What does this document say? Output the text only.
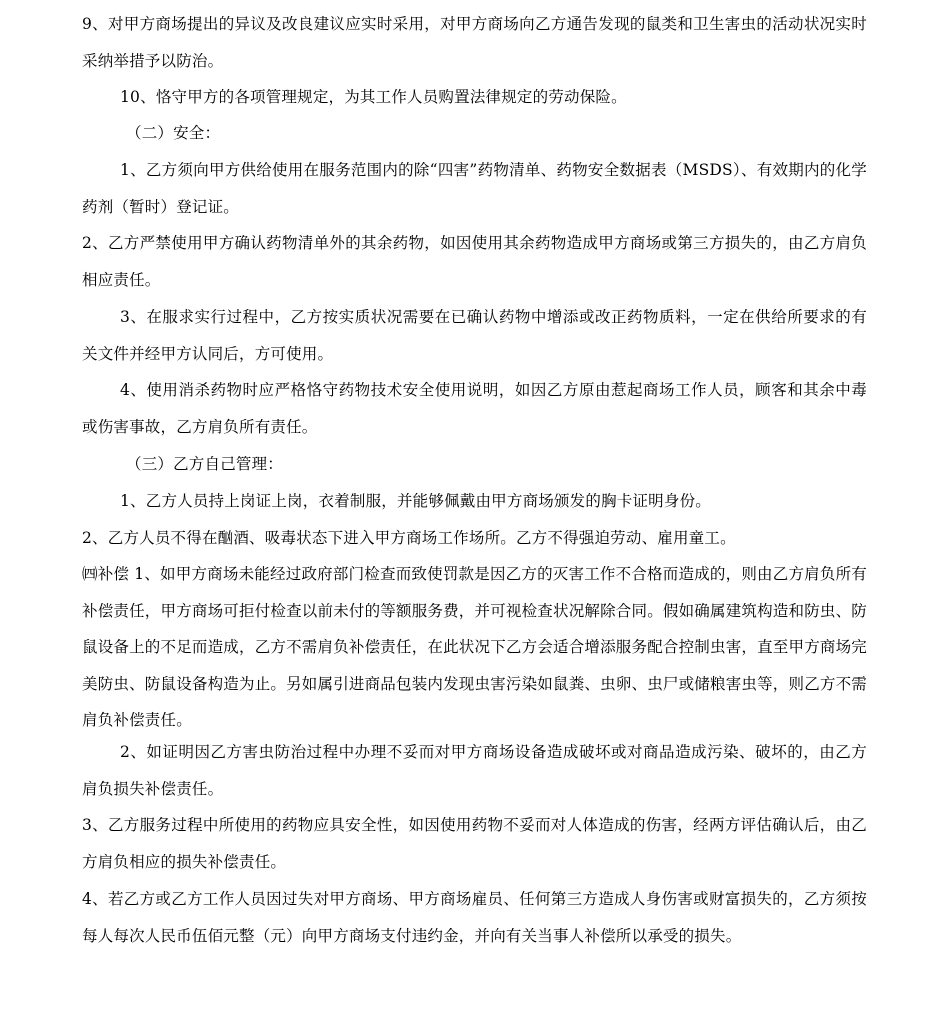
9、对甲方商场提出的异议及改良建议应实时采用，对甲方商场向乙方通告发现的鼠类和卫生害虫的活动状况实时采纳举措予以防治。

10、恪守甲方的各项管理规定，为其工作人员购置法律规定的劳动保险。

（二）安全：

1、乙方须向甲方供给使用在服务范围内的除“四害”药物清单、药物安全数据表（MSDS）、有效期内的化学药剂（暂时）登记证。

2、乙方严禁使用甲方确认药物清单外的其余药物，如因使用其余药物造成甲方商场或第三方损失的，由乙方肩负相应责任。

3、在服求实行过程中，乙方按实质状况需要在已确认药物中增添或改正药物质料，一定在供给所要求的有关文件并经甲方认同后，方可使用。

4、使用消杀药物时应严格恪守药物技术安全使用说明，如因乙方原由惹起商场工作人员，顾客和其余中毒或伤害事故，乙方肩负所有责任。

（三）乙方自己管理：

1、乙方人员持上岗证上岗，衣着制服，并能够佩戴由甲方商场颁发的胸卡证明身份。

2、乙方人员不得在酗酒、吸毒状态下进入甲方商场工作场所。乙方不得强迫劳动、雇用童工。

㈣补偿 1、如甲方商场未能经过政府部门检查而致使罚款是因乙方的灭害工作不合格而造成的，则由乙方肩负所有补偿责任，甲方商场可拒付检查以前未付的等额服务费，并可视检查状况解除合同。假如确属建筑构造和防虫、防鼠设备上的不足而造成，乙方不需肩负补偿责任，在此状况下乙方会适合增添服务配合控制虫害，直至甲方商场完美防虫、防鼠设备构造为止。另如属引进商品包装内发现虫害污染如鼠粪、虫卵、虫尸或储粮害虫等，则乙方不需肩负补偿责任。

2、如证明因乙方害虫防治过程中办理不妥而对甲方商场设备造成破坏或对商品造成污染、破坏的，由乙方肩负损失补偿责任。

3、乙方服务过程中所使用的药物应具安全性，如因使用药物不妥而对人体造成的伤害，经两方评估确认后，由乙方肩负相应的损失补偿责任。

4、若乙方或乙方工作人员因过失对甲方商场、甲方商场雇员、任何第三方造成人身伤害或财富损失的，乙方须按每人每次人民币伍佰元整（元）向甲方商场支付违约金，并向有关当事人补偿所以承受的损失。
